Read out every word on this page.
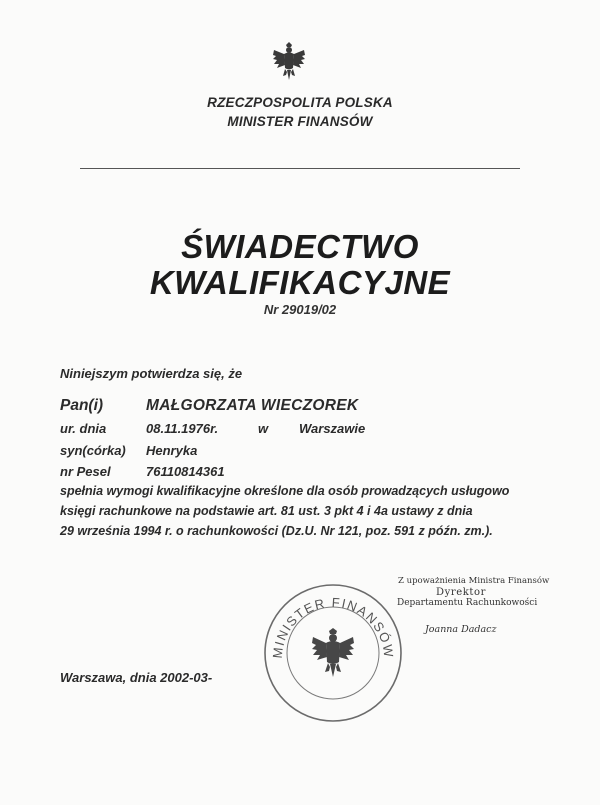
RZECZPOSPOLITA POLSKA
MINISTER FINANSÓW
ŚWIADECTWO
KWALIFIKACYJNE
Nr 29019/02
Niniejszym potwierdza się, że
Pan(i)	MAŁGORZATA WIECZOREK
ur. dnia	08.11.1976r.	w Warszawie
syn(córka) Henryka
nr Pesel	76110814361
spełnia wymogi kwalifikacyjne określone dla osób prowadzących usługowo
księgi rachunkowe na podstawie art. 81 ust. 3 pkt 4 i 4a ustawy z dnia
29 września 1994 r. o rachunkowości (Dz.U. Nr 121, poz. 591 z późn. zm.).
Z upoważnienia Ministra Finansów
Dyrektor
Departamentu Rachunkowości
Joanna Dadacz
MINISTER FINANSÓW
Warszawa, dnia 2002-03-
